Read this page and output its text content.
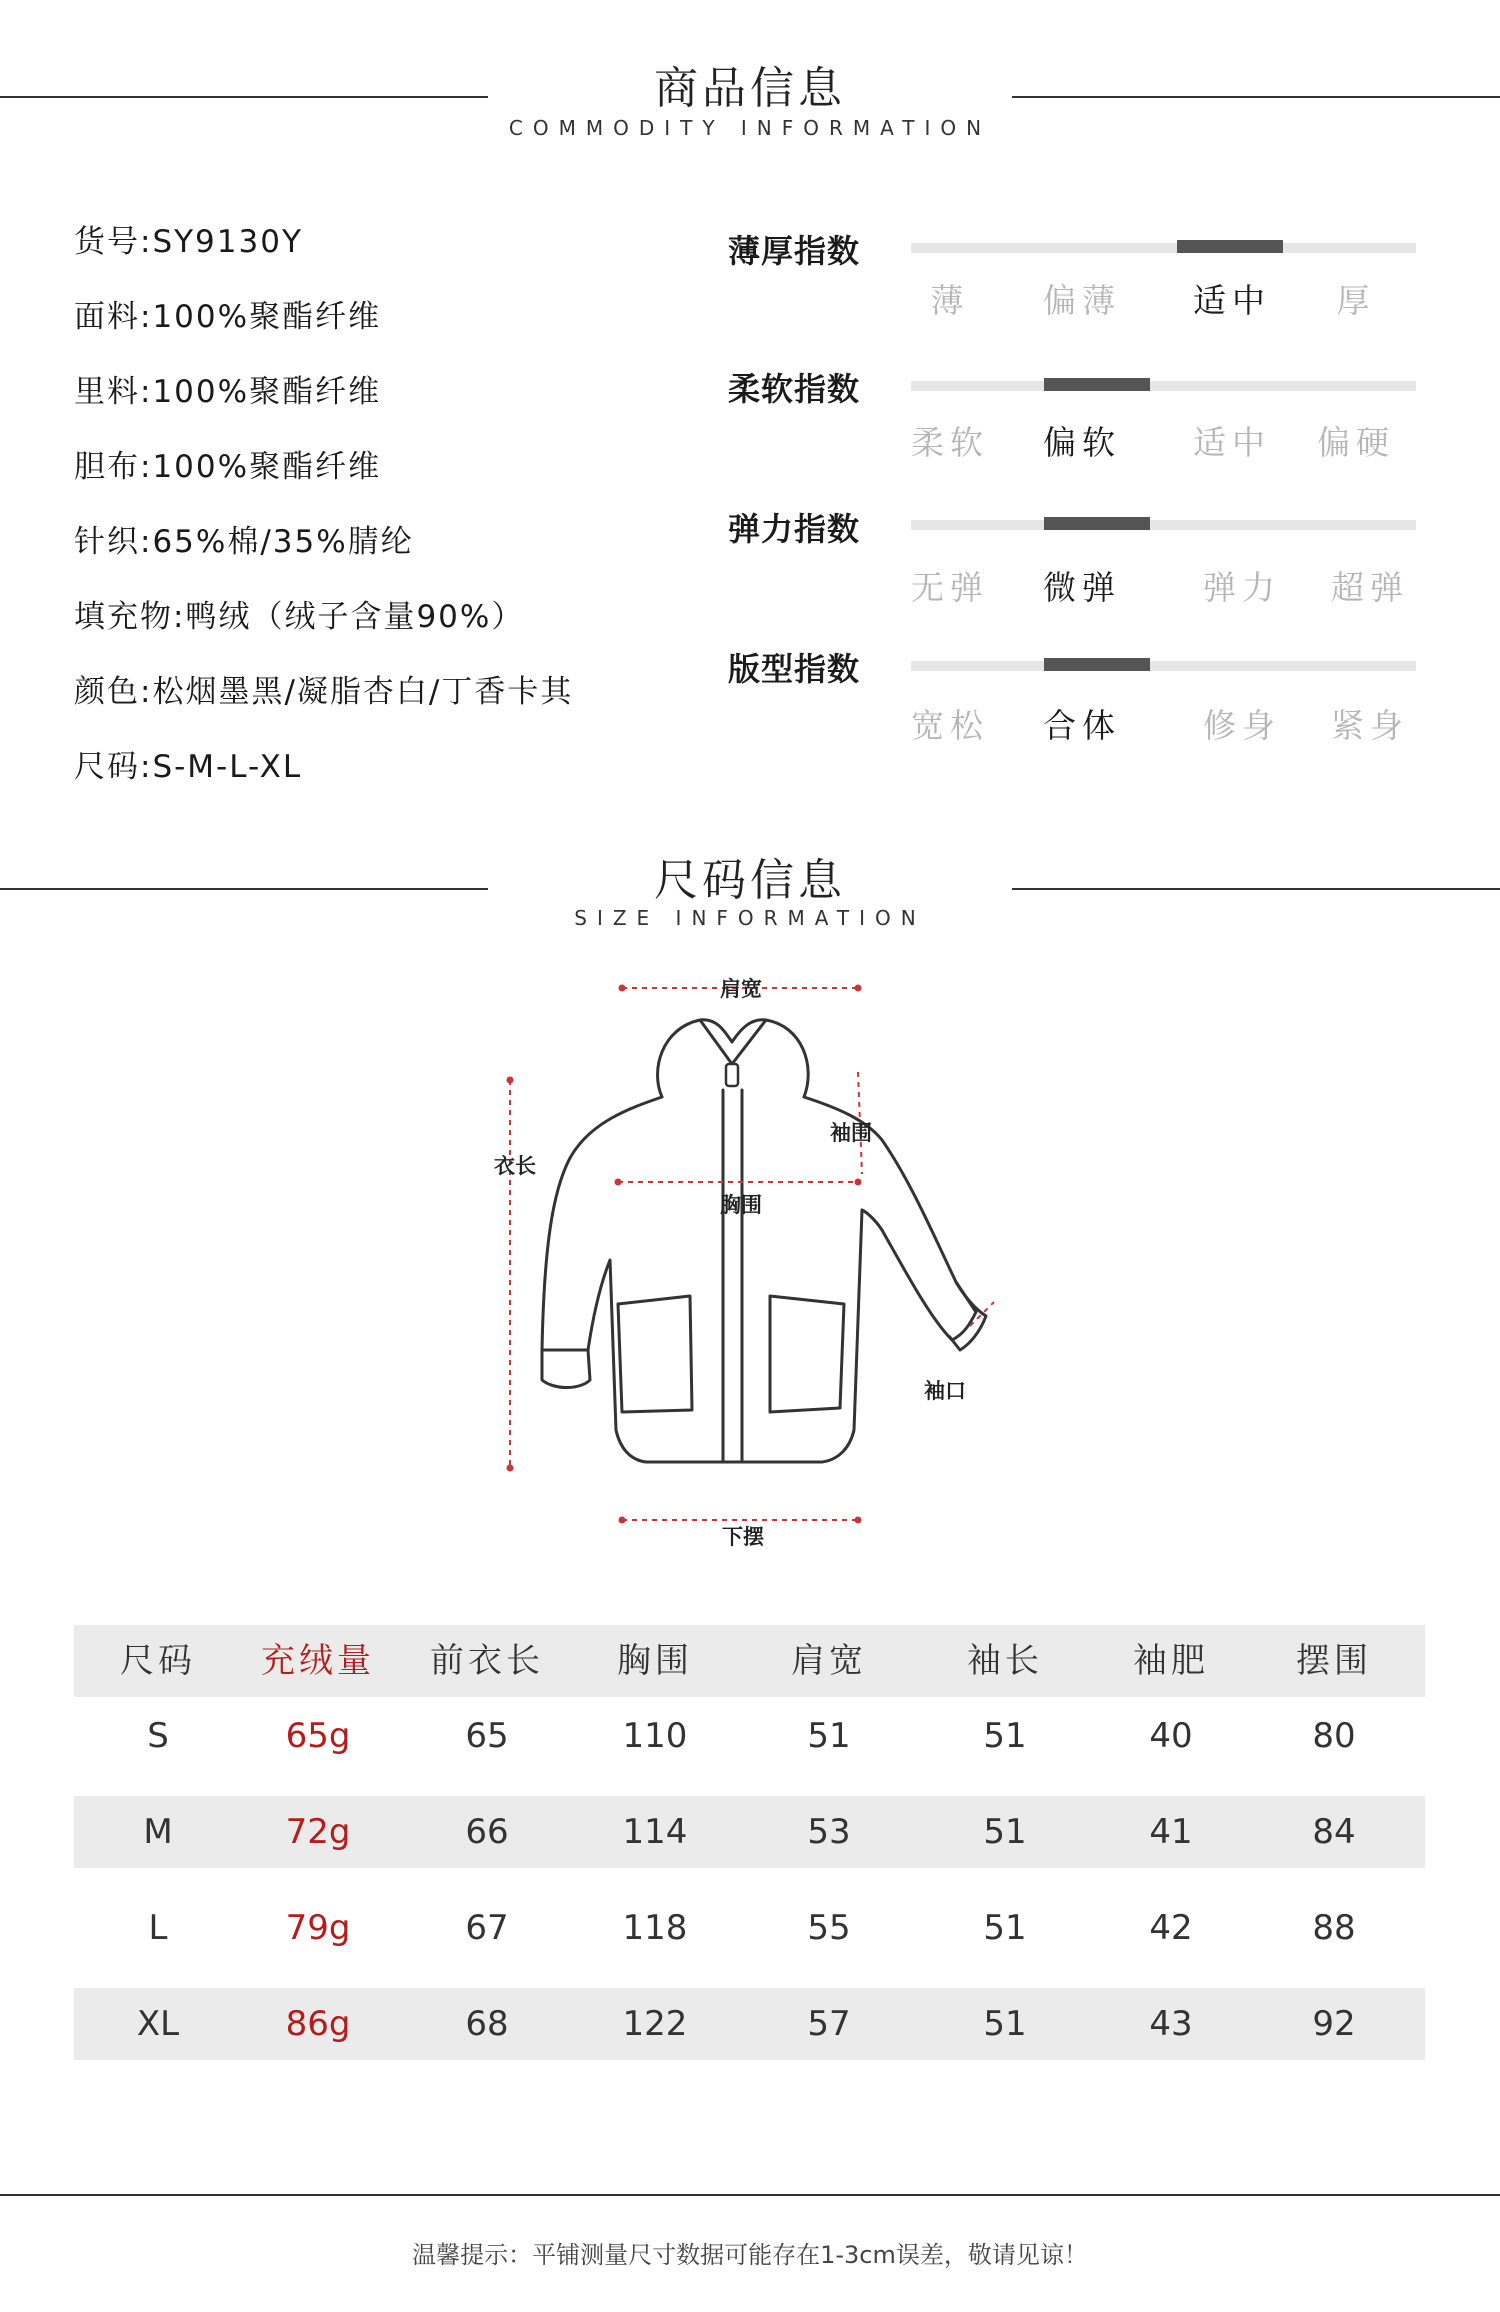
商品信息
COMMODITY INFORMATION
货号:SY9130Y
面料:100%聚酯纤维
里料:100%聚酯纤维
胆布:100%聚酯纤维
针织:65%棉/35%腈纶
填充物:鸭绒（绒子含量90%）
颜色:松烟墨黑/凝脂杏白/丁香卡其
尺码:S-M-L-XL
薄厚指数
薄	偏薄	适中	厚
柔软指数
柔软	偏软	适中	偏硬
弹力指数
无弹	微弹	弹力	超弹
版型指数
宽松	合体	修身	紧身
尺码信息
SIZE INFORMATION
肩宽
衣长
袖围
胸围
袖口
下摆
尺码	充绒量	前衣长	胸围	肩宽	袖长	袖肥	摆围
S	65g	65	110	51	51	40	80
M	72g	66	114	53	51	41	84
L	79g	67	118	55	51	42	88
XL	86g	68	122	57	51	43	92
温馨提示：平铺测量尺寸数据可能存在1-3cm误差，敬请见谅！
